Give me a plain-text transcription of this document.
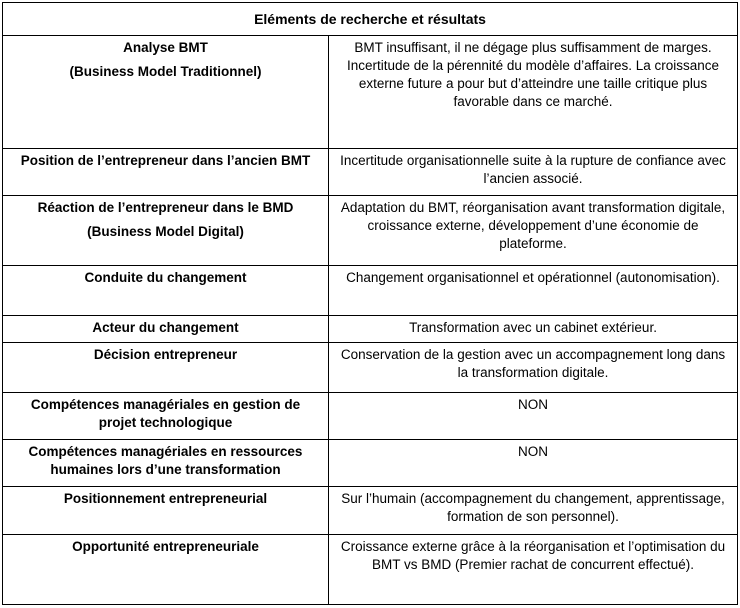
Eléments de recherche et résultats	

Analyse BMT
(Business Model Traditionnel)	BMT insuffisant, il ne dégage plus suffisamment de marges. Incertitude de la pérennité du modèle d’affaires. La croissance externe future a pour but d’atteindre une taille critique plus favorable dans ce marché.

Position de l’entrepreneur dans l’ancien BMT	Incertitude organisationnelle suite à la rupture de confiance avec l’ancien associé.

Réaction de l’entrepreneur dans le BMD
(Business Model Digital)	Adaptation du BMT, réorganisation avant transformation digitale, croissance externe, développement d’une économie de plateforme.

Conduite du changement	Changement organisationnel et opérationnel (autonomisation).

Acteur du changement	Transformation avec un cabinet extérieur.

Décision entrepreneur	Conservation de la gestion avec un accompagnement long dans la transformation digitale.

Compétences managériales en gestion de projet technologique	NON

Compétences managériales en ressources humaines lors d’une transformation	NON

Positionnement entrepreneurial	Sur l’humain (accompagnement du changement, apprentissage, formation de son personnel).

Opportunité entrepreneuriale	Croissance externe grâce à la réorganisation et l’optimisation du BMT vs BMD (Premier rachat de concurrent effectué).
